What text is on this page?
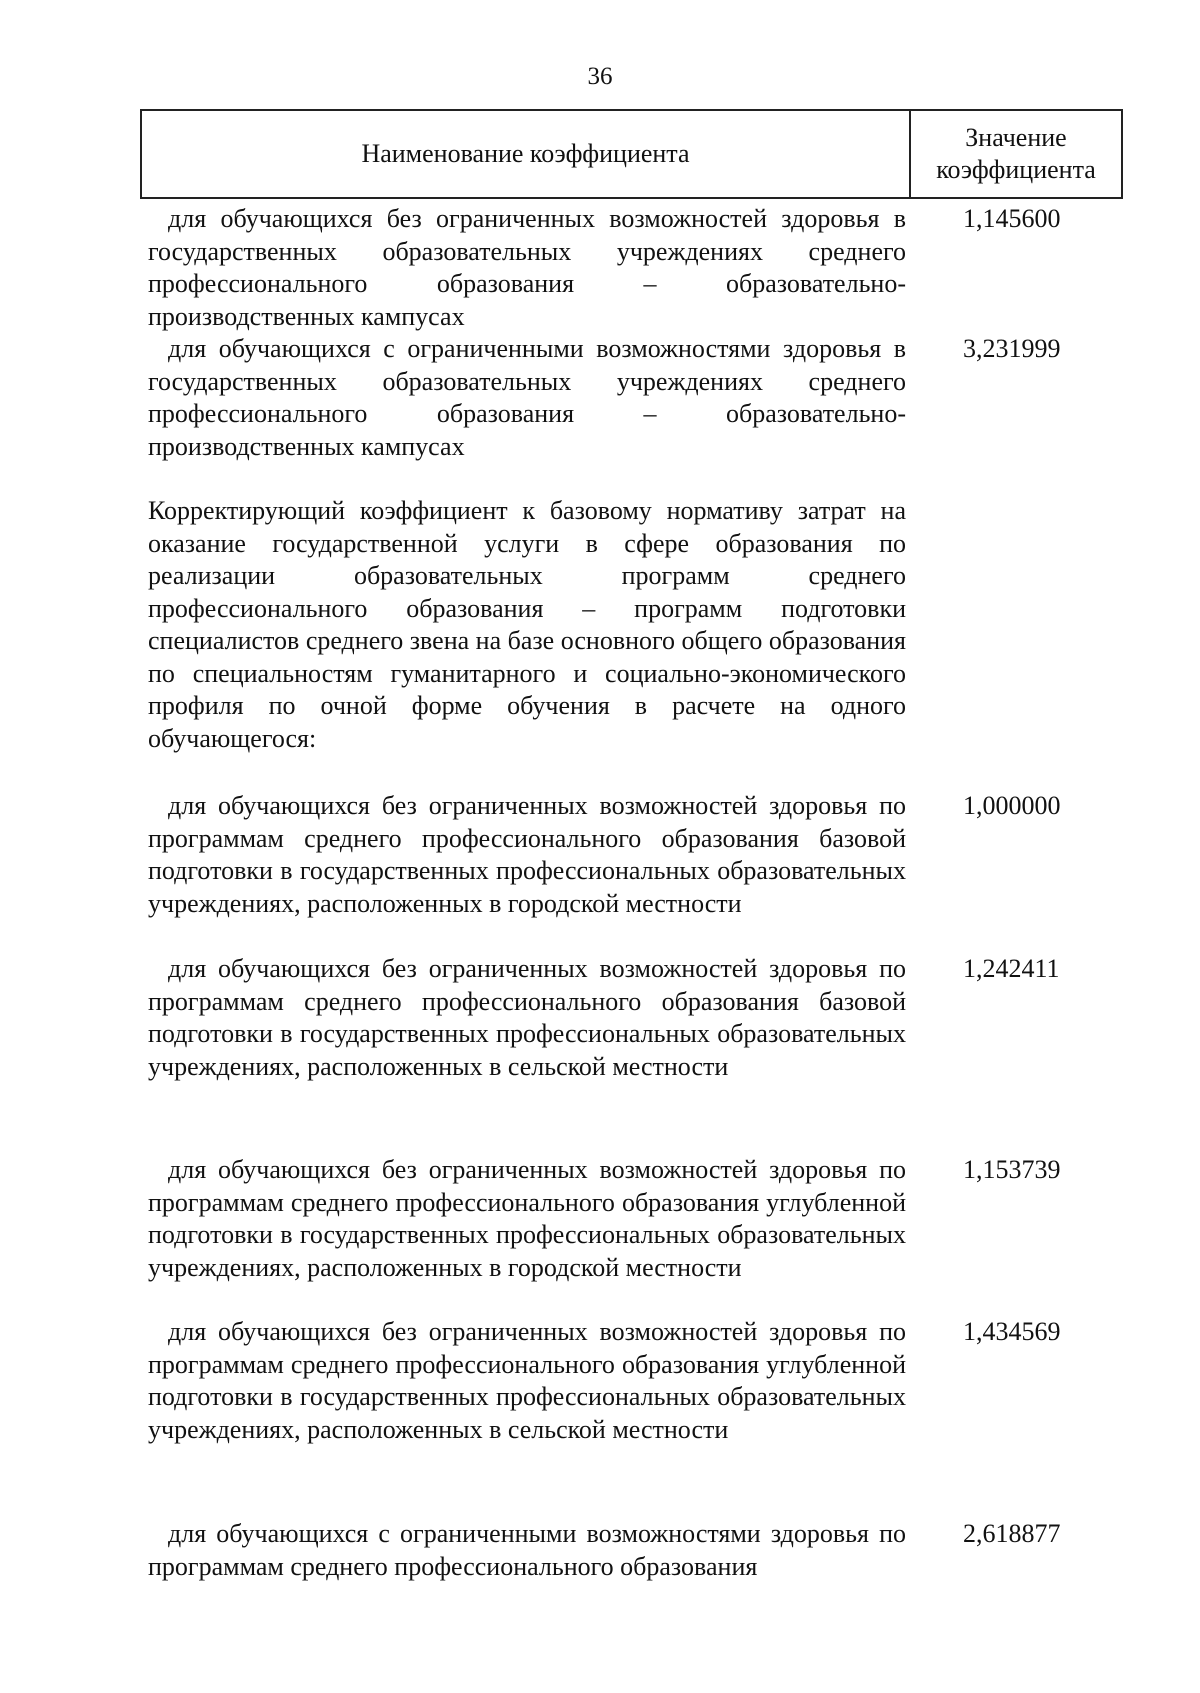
36
Наименование коэффициента
Значение коэффициента

для обучающихся без ограниченных возможностей здоровья в государственных образовательных учреждениях среднего профессионального образования – образовательно-производственных кампусах

1,145600

для обучающихся с ограниченными возможностями здоровья в государственных образовательных учреждениях среднего профессионального образования – образовательно-производственных кампусах

3,231999

Корректирующий коэффициент к базовому нормативу затрат на оказание государственной услуги в сфере образования по реализации образовательных программ среднего профессионального образования – программ подготовки специалистов среднего звена на базе основного общего образования по специальностям гуманитарного и социально-экономического профиля по очной форме обучения в расчете на одного обучающегося:

для обучающихся без ограниченных возможностей здоровья по программам среднего профессионального образования базовой подготовки в государственных профессиональных образовательных учреждениях, расположенных в городской местности

1,000000

для обучающихся без ограниченных возможностей здоровья по программам среднего профессионального образования базовой подготовки в государственных профессиональных образовательных учреждениях, расположенных в сельской местности

1,242411

для обучающихся без ограниченных возможностей здоровья по программам среднего профессионального образования углубленной подготовки в государственных профессиональных образовательных учреждениях, расположенных в городской местности

1,153739

для обучающихся без ограниченных возможностей здоровья по программам среднего профессионального образования углубленной подготовки в государственных профессиональных образовательных учреждениях, расположенных в сельской местности

1,434569

для обучающихся с ограниченными возможностями здоровья по программам среднего профессионального образования

2,618877
